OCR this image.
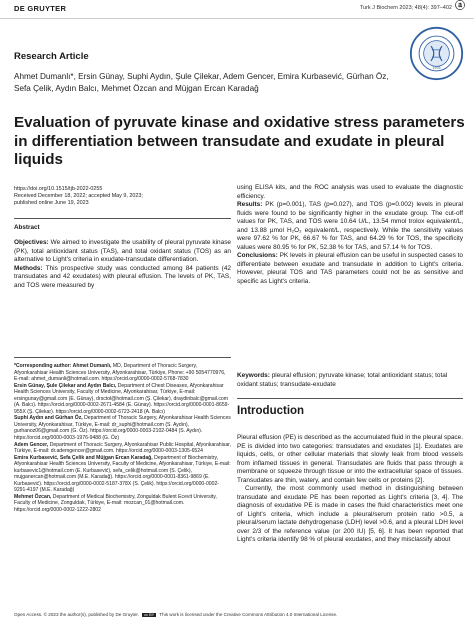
DE GRUYTER	Turk J Biochem 2023; 48(4): 397–402 ⓐ
1976
Research Article
Ahmet Dumanlı*, Ersin Günay, Suphi Aydın, Şule Çilekar, Adem Gencer, Emira Kurbasević, Gürhan Öz, Sefa Çelik, Aydın Balcı, Mehmet Özcan and Müjgan Ercan Karadağ
Evaluation of pyruvate kinase and oxidative stress parameters in differentiation between transudate and exudate in pleural liquids
https://doi.org/10.1515/tjb-2022-0255
Received December 18, 2022; accepted May 9, 2023;
published online June 19, 2023
Abstract

Objectives: We aimed to investigate the usability of pleural pyruvate kinase (PK), total antioxidant status (TAS), and total oxidant status (TOS) as an alternative to Light's criteria in exudate-transudate differentiation.

Methods: This prospective study was conducted among 84 patients (42 transudates and 42 exudates) with pleural effusion. The levels of PK, TAS, and TOS were measured by

*Corresponding author: Ahmet Dumanlı, MD, Department of Thoracic Surgery, Afyonkarahisar Health Sciences University, Afyonkarahisar, Türkiye, Phone: +90 5054770976, E-mail: ahmet_dumanli@hotmail.com. https://orcid.org/0000-0002-5768-7830

Ersin Günay, Şule Çilekar and Aydın Balcı, Department of Chest Diseases, Afyonkarahisar Health Sciences University, Faculty of Medicine, Afyonkarahisar, Türkiye, E-mail: ersingunay@gmail.com (E. Günay), drsctol@hotmail.com (Ş. Çilekar), draydinbalc@gmail.com (A. Balcı). https://orcid.org/0000-0002-2671-4584 (E. Günay). https://orcid.org/0000-0001-8659-955X (Ş. Çilekar). https://orcid.org/0000-0002-6723-2418 (A. Balcı)

Suphi Aydın and Gürhan Öz, Department of Thoracic Surgery, Afyonkarahisar Health Sciences University, Afyonkarahisar, Türkiye, E-mail: dr_suphi@hotmail.com (S. Aydın), gurhanoz06@gmail.com (G. Öz). https://orcid.org/0000-0003-2102-0484 (S. Aydın). https://orcid.org/0000-0003-1976-9488 (G. Öz)

Adem Gencer, Department of Thoracic Surgery, Afyonkarahisar Public Hospital, Afyonkarahisar, Türkiye, E-mail: dr.ademgencer@gmail.com. https://orcid.org/0000-0003-1305-6524

Emira Kurbasević, Sefa Çelik and Müjgan Ercan Karadağ, Department of Biochemistry, Afyonkarahisar Health Sciences University, Faculty of Medicine, Afyonkarahisar, Türkiye, E-mail: kurbasevic1@hotmail.com (E. Kurbasević), sefa_celik@hotmail.com (S. Çelik), mujganercan@hotmail.com (M.E. Karadağ). https://orcid.org/0000-0001-8361-9869 (E. Kurbasević). https://orcid.org/0000-0002-5187-378X (S. Çelik). https://orcid.org/0000-0002-9291-4197 (M.E. Karadağ)

Mehmet Özcan, Department of Medical Biochemistry, Zonguldak Bulent Ecevit University, Faculty of Medicine, Zonguldak, Türkiye, E-mail: mozcan_01@hotmail.com. https://orcid.org/0000-0002-1222-2802

using ELISA kits, and the ROC analysis was used to evaluate the diagnostic efficiency.

Results: PK (p=0.001), TAS (p=0.027), and TOS (p=0.002) levels in pleural fluids were found to be significantly higher in the exudate group. The cut-off values for PK, TAS, and TOS were 10.64 U/L, 13.54 mmol trolox equivalent/L, and 13.88 µmol H₂O₂ equivalent/L, respectively. While the sensitivity values were 97.62 % for PK, 66.67 % for TAS, and 64.29 % for TOS, the specificity values were 80.95 % for PK, 52.38 % for TAS, and 57.14 % for TOS.

Conclusions: PK levels in pleural effusion can be useful in suspected cases to differentiate between exudate and transudate in addition to Light's criteria. However, pleural TOS and TAS parameters could not be as sensitive and specific as Light's criteria.

Keywords: pleural effusion; pyruvate kinase; total antioxidant status; total oxidant status; transudate-exudate
Introduction

Pleural effusion (PE) is described as the accumulated fluid in the pleural space. PE is divided into two categories: transudates and exudates [1]. Exudates are liquids, cells, or other cellular materials that slowly leak from blood vessels from inflamed tissues in general. Transudates are fluids that pass through a membrane or squeeze through tissue or into the extracellular space of tissues. Transudates are thin, watery, and contain few cells or proteins [2].

Currently, the most commonly used method in distinguishing between transudate and exudate PE has been reported as Light's criteria [3, 4]. The diagnosis of exudative PE is made in cases the fluid characteristics meet one of Light's criteria, which include a pleural/serum protein ratio >0.5, a pleural/serum lactate dehydrogenase (LDH) level >0.6, and a pleural LDH level over 2/3 of the reference value (or 200 IU) [5, 6]. It has been reported that Light's criteria identify 98 % of pleural exudates, and they misclassify about

Open Access. © 2023 the author(s), published by De Gruyter. cc BY This work is licensed under the Creative Commons Attribution 4.0 International License.
